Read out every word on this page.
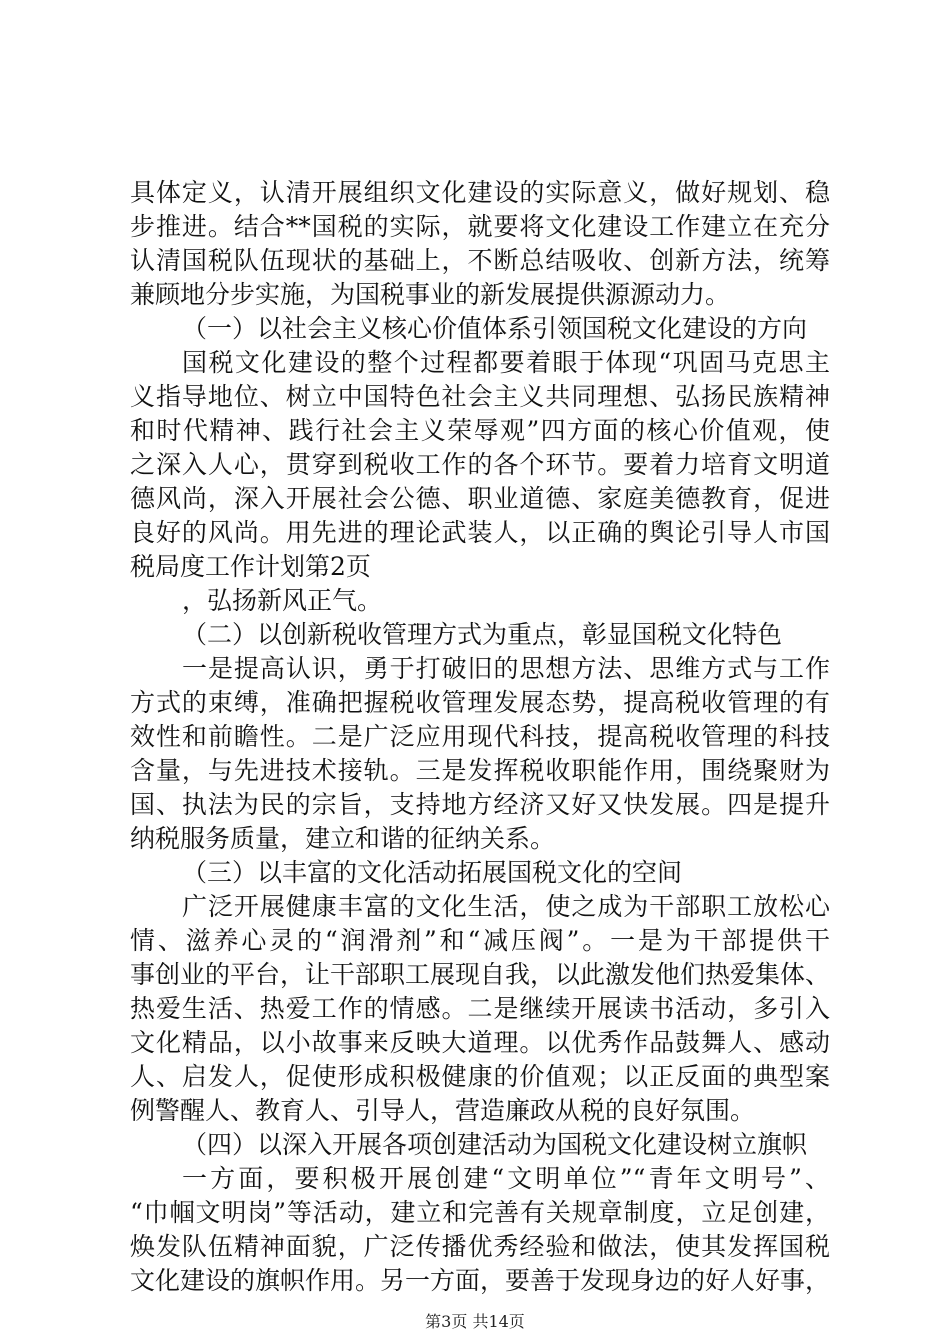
具体定义，认清开展组织文化建设的实际意义，做好规划、稳
步推进。结合**国税的实际，就要将文化建设工作建立在充分
认清国税队伍现状的基础上，不断总结吸收、创新方法，统筹
兼顾地分步实施，为国税事业的新发展提供源源动力。
（一）以社会主义核心价值体系引领国税文化建设的方向
国税文化建设的整个过程都要着眼于体现“巩固马克思主
义指导地位、树立中国特色社会主义共同理想、弘扬民族精神
和时代精神、践行社会主义荣辱观”四方面的核心价值观，使
之深入人心，贯穿到税收工作的各个环节。要着力培育文明道
德风尚，深入开展社会公德、职业道德、家庭美德教育，促进
良好的风尚。用先进的理论武装人，以正确的舆论引导人市国
税局度工作计划第2页
，弘扬新风正气。
（二）以创新税收管理方式为重点，彰显国税文化特色
一是提高认识，勇于打破旧的思想方法、思维方式与工作
方式的束缚，准确把握税收管理发展态势，提高税收管理的有
效性和前瞻性。二是广泛应用现代科技，提高税收管理的科技
含量，与先进技术接轨。三是发挥税收职能作用，围绕聚财为
国、执法为民的宗旨，支持地方经济又好又快发展。四是提升
纳税服务质量，建立和谐的征纳关系。
（三）以丰富的文化活动拓展国税文化的空间
广泛开展健康丰富的文化生活，使之成为干部职工放松心
情、滋养心灵的“润滑剂”和“减压阀”。一是为干部提供干
事创业的平台，让干部职工展现自我，以此激发他们热爱集体、
热爱生活、热爱工作的情感。二是继续开展读书活动，多引入
文化精品，以小故事来反映大道理。以优秀作品鼓舞人、感动
人、启发人，促使形成积极健康的价值观；以正反面的典型案
例警醒人、教育人、引导人，营造廉政从税的良好氛围。
（四）以深入开展各项创建活动为国税文化建设树立旗帜
一方面，要积极开展创建“文明单位”“青年文明号”、
“巾帼文明岗”等活动，建立和完善有关规章制度，立足创建，
焕发队伍精神面貌，广泛传播优秀经验和做法，使其发挥国税
文化建设的旗帜作用。另一方面，要善于发现身边的好人好事，
第3页 共14页
